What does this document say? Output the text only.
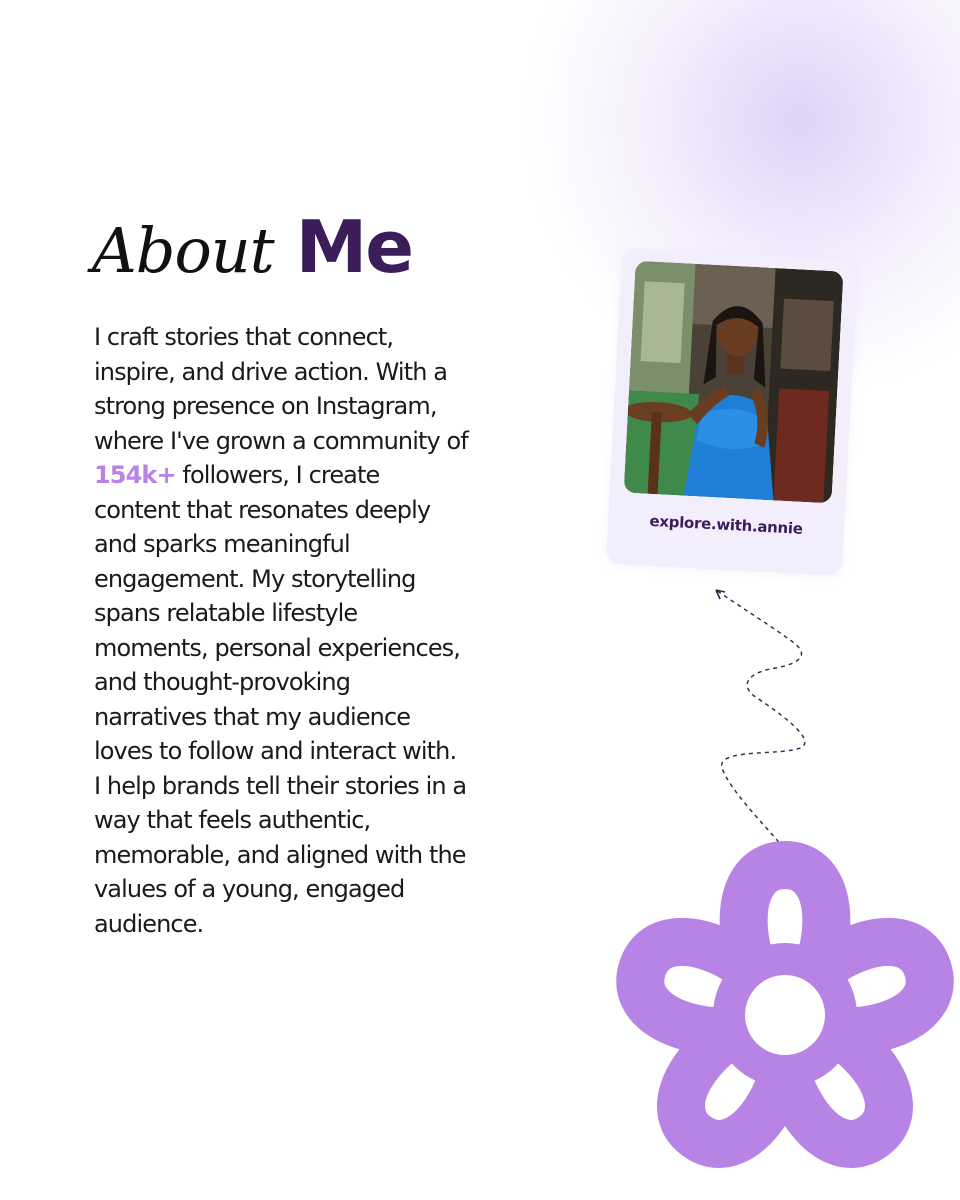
About Me

I craft stories that connect, inspire, and drive action. With a strong presence on Instagram, where I've grown a community of 154k+ followers, I create content that resonates deeply and sparks meaningful engagement. My storytelling spans relatable lifestyle moments, personal experiences, and thought-provoking narratives that my audience loves to follow and interact with. I help brands tell their stories in a way that feels authentic, memorable, and aligned with the values of a young, engaged audience.

explore.with.annie
